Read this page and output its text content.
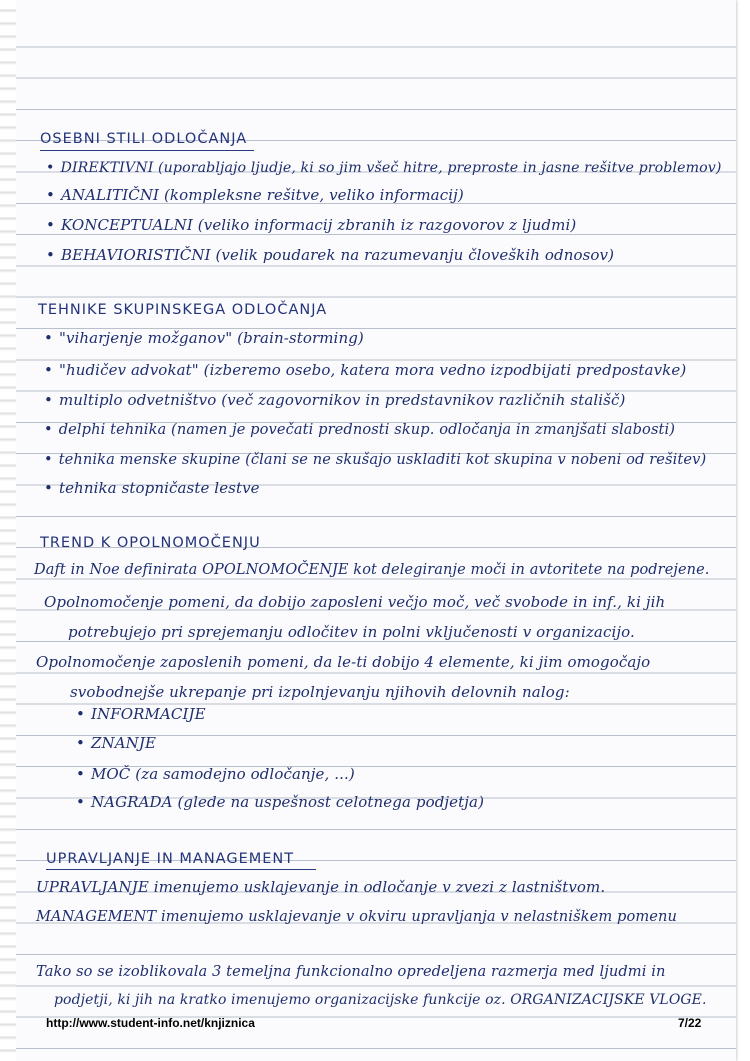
OSEBNI STILI ODLOČANJA

• DIREKTIVNI (uporabljajo ljudje, ki so jim všeč hitre, preproste in jasne rešitve problemov)

• ANALITIČNI (kompleksne rešitve, veliko informacij)

• KONCEPTUALNI (veliko informacij zbranih iz razgovorov z ljudmi)

• BEHAVIORISTIČNI (velik poudarek na razumevanju človeških odnosov)

TEHNIKE SKUPINSKEGA ODLOČANJA

• "viharjenje možganov" (brain-storming)

• "hudičev advokat" (izberemo osebo, katera mora vedno izpodbijati predpostavke)

• multiplo odvetništvo (več zagovornikov in predstavnikov različnih stališč)

• delphi tehnika (namen je povečati prednosti skup. odločanja in zmanjšati slabosti)

• tehnika menske skupine (člani se ne skušajo uskladiti kot skupina v nobeni od rešitev)

• tehnika stopničaste lestve

TREND K OPOLNOMOČENJU

Daft in Noe definirata OPOLNOMOČENJE kot delegiranje moči in avtoritete na podrejene.

Opolnomočenje pomeni, da dobijo zaposleni večjo moč, več svobode in inf., ki jih

potrebujejo pri sprejemanju odločitev in polni vključenosti v organizacijo.

Opolnomočenje zaposlenih pomeni, da le-ti dobijo 4 elemente, ki jim omogočajo

svobodnejše ukrepanje pri izpolnjevanju njihovih delovnih nalog:

• INFORMACIJE

• ZNANJE

• MOČ (za samodejno odločanje, ...)

• NAGRADA (glede na uspešnost celotnega podjetja)

UPRAVLJANJE IN MANAGEMENT

UPRAVLJANJE imenujemo usklajevanje in odločanje v zvezi z lastništvom.

MANAGEMENT imenujemo usklajevanje v okviru upravljanja v nelastniškem pomenu

Tako so se izoblikovala 3 temeljna funkcionalno opredeljena razmerja med ljudmi in

podjetji, ki jih na kratko imenujemo organizacijske funkcije oz. ORGANIZACIJSKE VLOGE.

http://www.student-info.net/knjiznica	7/22
